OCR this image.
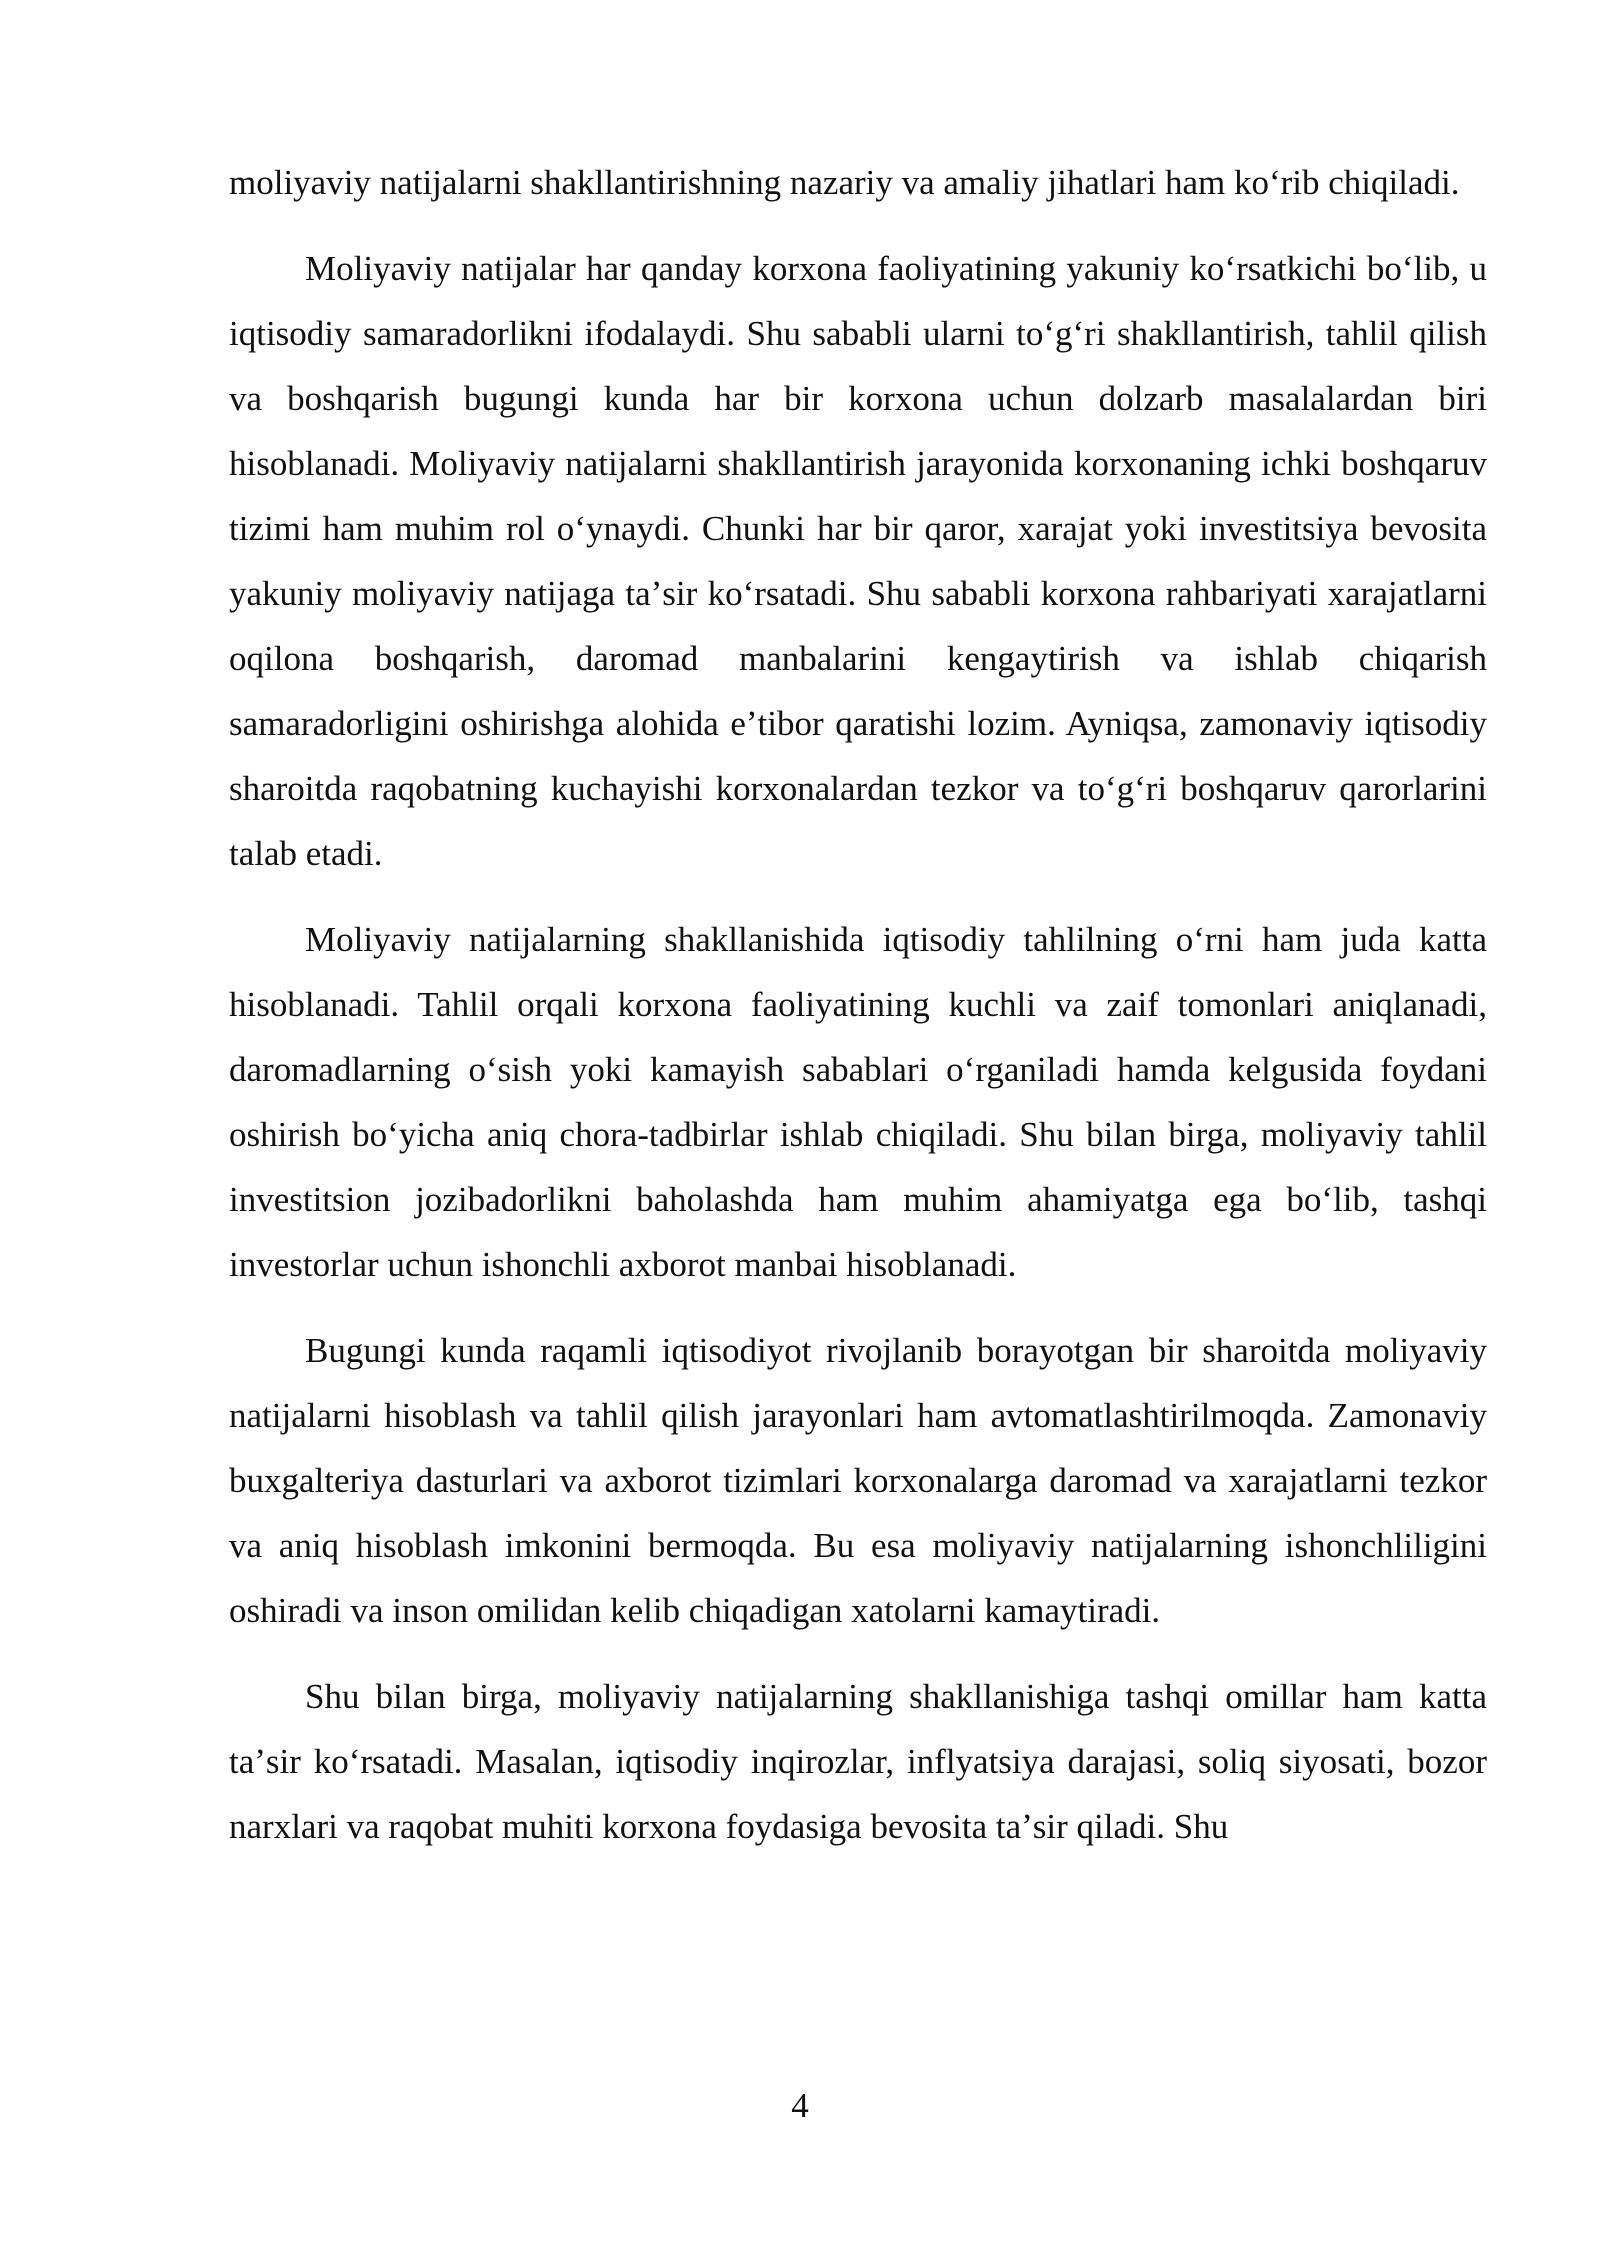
moliyaviy natijalarni shakllantirishning nazariy va amaliy jihatlari ham koʻrib chiqiladi.

Moliyaviy natijalar har qanday korxona faoliyatining yakuniy koʻrsatkichi boʻlib, u iqtisodiy samaradorlikni ifodalaydi. Shu sababli ularni toʻgʻri shakllantirish, tahlil qilish va boshqarish bugungi kunda har bir korxona uchun dolzarb masalalardan biri hisoblanadi. Moliyaviy natijalarni shakllantirish jarayonida korxonaning ichki boshqaruv tizimi ham muhim rol oʻynaydi. Chunki har bir qaror, xarajat yoki investitsiya bevosita yakuniy moliyaviy natijaga taʼsir koʻrsatadi. Shu sababli korxona rahbariyati xarajatlarni oqilona boshqarish, daromad manbalarini kengaytirish va ishlab chiqarish samaradorligini oshirishga alohida eʼtibor qaratishi lozim. Ayniqsa, zamonaviy iqtisodiy sharoitda raqobatning kuchayishi korxonalardan tezkor va toʻgʻri boshqaruv qarorlarini talab etadi.

Moliyaviy natijalarning shakllanishida iqtisodiy tahlilning oʻrni ham juda katta hisoblanadi. Tahlil orqali korxona faoliyatining kuchli va zaif tomonlari aniqlanadi, daromadlarning oʻsish yoki kamayish sabablari oʻrganiladi hamda kelgusida foydani oshirish boʻyicha aniq chora-tadbirlar ishlab chiqiladi. Shu bilan birga, moliyaviy tahlil investitsion jozibadorlikni baholashda ham muhim ahamiyatga ega boʻlib, tashqi investorlar uchun ishonchli axborot manbai hisoblanadi.

Bugungi kunda raqamli iqtisodiyot rivojlanib borayotgan bir sharoitda moliyaviy natijalarni hisoblash va tahlil qilish jarayonlari ham avtomatlashtirilmoqda. Zamonaviy buxgalteriya dasturlari va axborot tizimlari korxonalarga daromad va xarajatlarni tezkor va aniq hisoblash imkonini bermoqda. Bu esa moliyaviy natijalarning ishonchliligini oshiradi va inson omilidan kelib chiqadigan xatolarni kamaytiradi.

Shu bilan birga, moliyaviy natijalarning shakllanishiga tashqi omillar ham katta taʼsir koʻrsatadi. Masalan, iqtisodiy inqirozlar, inflyatsiya darajasi, soliq siyosati, bozor narxlari va raqobat muhiti korxona foydasiga bevosita taʼsir qiladi. Shu

4
